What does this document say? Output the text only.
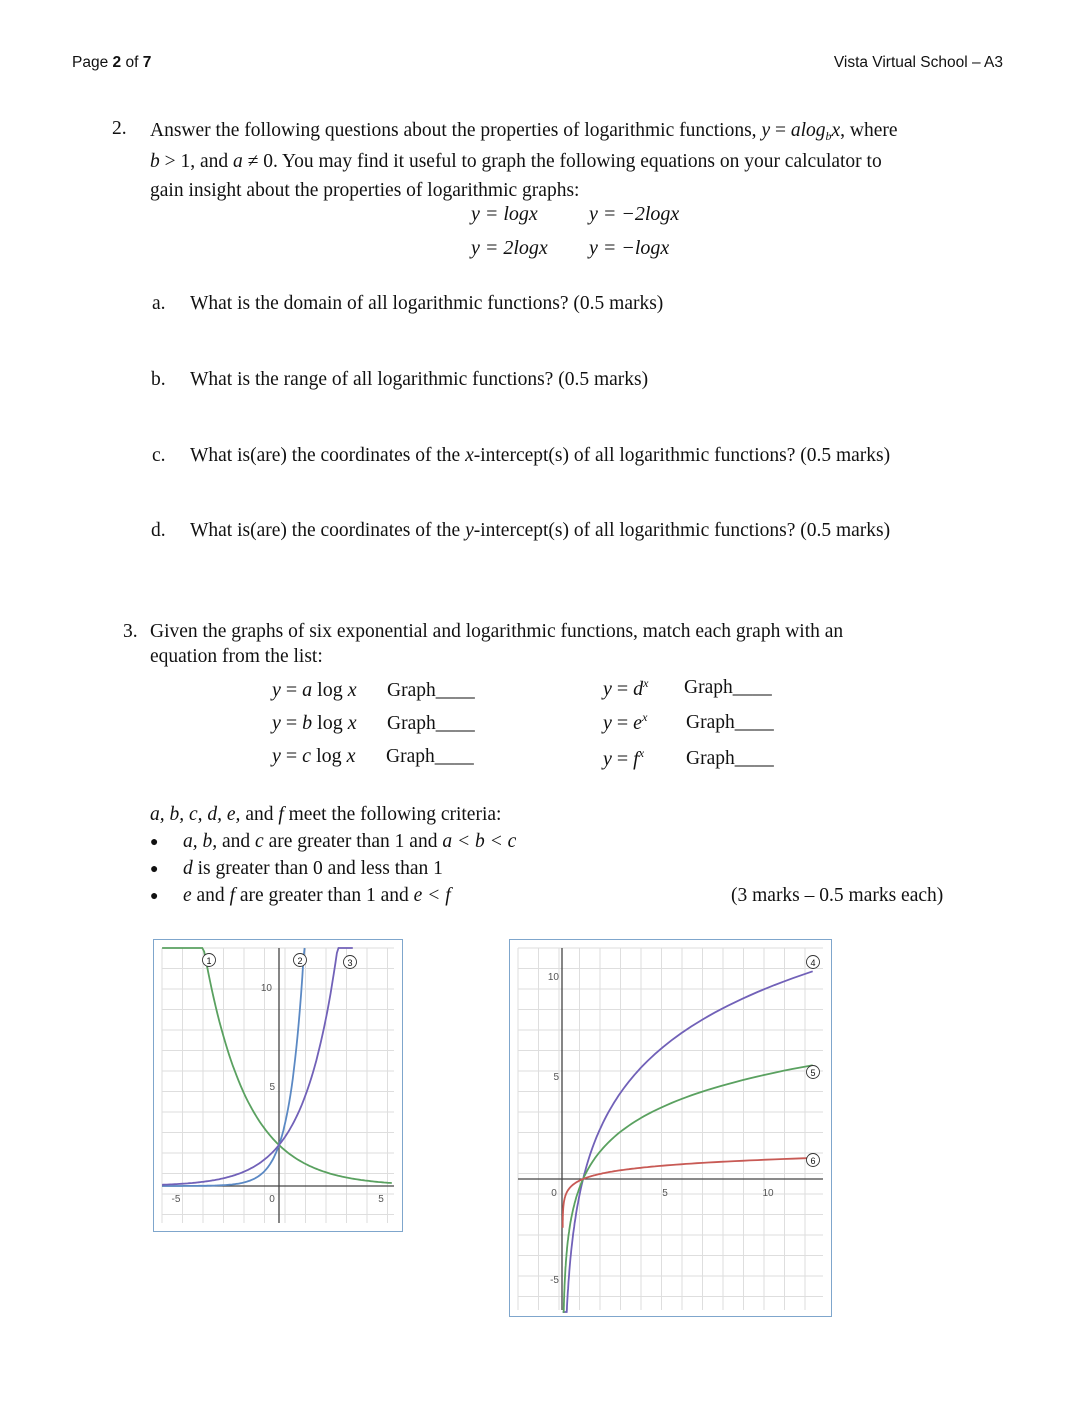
Page 2 of 7	Vista Virtual School – A3
2. Answer the following questions about the properties of logarithmic functions, y = alog$_b$x, where
b > 1, and a ≠ 0. You may find it useful to graph the following equations on your calculator to
gain insight about the properties of logarithmic graphs:
y = logx	y = −2logx
y = 2logx y = −logx
a.	What is the domain of all logarithmic functions? (0.5 marks)
b.	What is the range of all logarithmic functions? (0.5 marks)
c.	What is(are) the coordinates of the x-intercept(s) of all logarithmic functions? (0.5 marks)
d.	What is(are) the coordinates of the y-intercept(s) of all logarithmic functions? (0.5 marks)
3. Given the graphs of six exponential and logarithmic functions, match each graph with an
equation from the list:
y = a log x Graph____
y = b log x Graph____
y = c log x Graph____
$y = d^x$ Graph____
$y = e^x$ Graph____
$y = f^x$ Graph____
a, b, c, d, e, and f meet the following criteria:
● a, b, and c are greater than 1 and a < b < c
● d is greater than 0 and less than 1
● e and f are greater than 1 and e < f	(3 marks – 0.5 marks each)
-5	0	5
10
5
1	2	3
0	5	10
10
5
-5
4
5
6
